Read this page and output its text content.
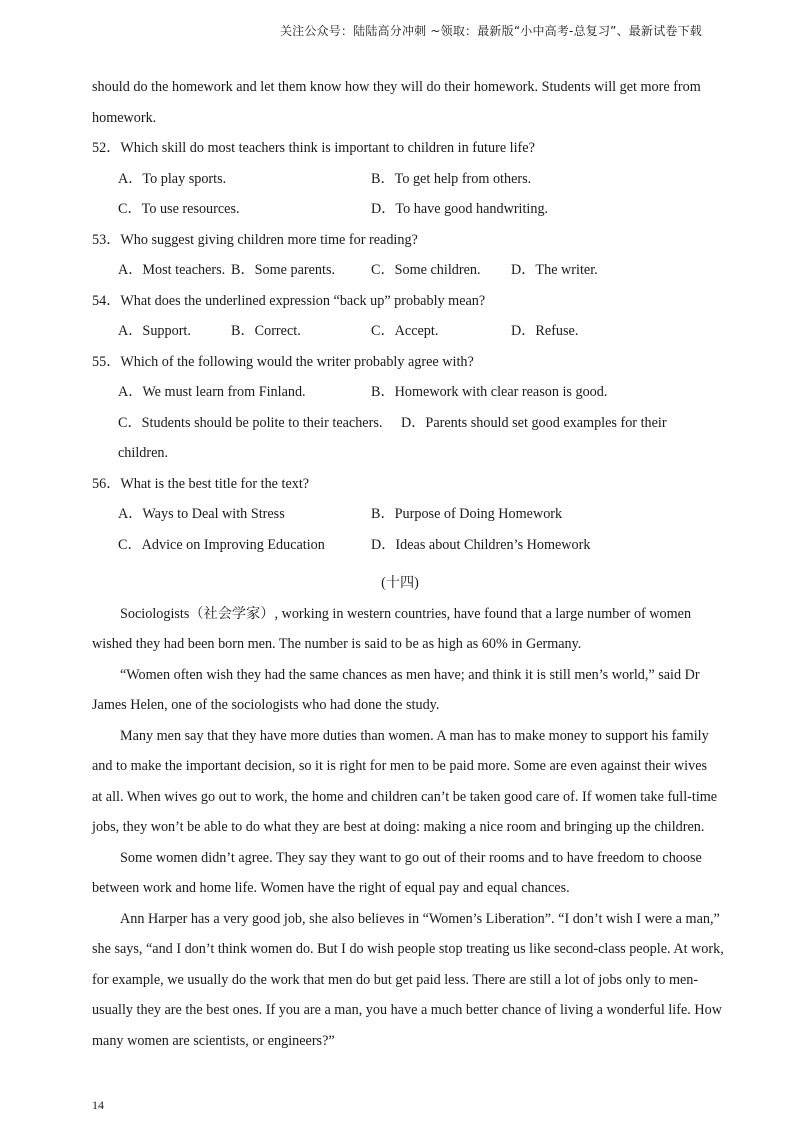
关注公众号：陆陆高分冲刺 ~领取：最新版“小中高考-总复习”、最新试卷下载
should do the homework and let them know how they will do their homework. Students will get more from
homework.
52．Which skill do most teachers think is important to children in future life?
A．To play sports.	B．To get help from others.
C．To use resources.	D．To have good handwriting.
53．Who suggest giving children more time for reading?
A．Most teachers. B．Some parents.	C．Some children.	D．The writer.
54．What does the underlined expression “back up” probably mean?
A．Support.	B．Correct.	C．Accept.	D．Refuse.
55．Which of the following would the writer probably agree with?
A．We must learn from Finland.	B．Homework with clear reason is good.
C．Students should be polite to their teachers.	D．Parents should set good examples for their
children.
56．What is the best title for the text?
A．Ways to Deal with Stress	B．Purpose of Doing Homework
C．Advice on Improving Education	D．Ideas about Children’s Homework
(十四)
Sociologists（社会学家）, working in western countries, have found that a large number of women
wished they had been born men. The number is said to be as high as 60% in Germany.
“Women often wish they had the same chances as men have; and think it is still men’s world,” said Dr
James Helen, one of the sociologists who had done the study.
Many men say that they have more duties than women. A man has to make money to support his family
and to make the important decision, so it is right for men to be paid more. Some are even against their wives
at all. When wives go out to work, the home and children can’t be taken good care of. If women take full-time
jobs, they won’t be able to do what they are best at doing: making a nice room and bringing up the children.
Some women didn’t agree. They say they want to go out of their rooms and to have freedom to choose
between work and home life. Women have the right of equal pay and equal chances.
Ann Harper has a very good job, she also believes in “Women’s Liberation”. “I don’t wish I were a man,”
she says, “and I don’t think women do. But I do wish people stop treating us like second-class people. At work,
for example, we usually do the work that men do but get paid less. There are still a lot of jobs only to men-
usually they are the best ones. If you are a man, you have a much better chance of living a wonderful life. How
many women are scientists, or engineers?”
14
